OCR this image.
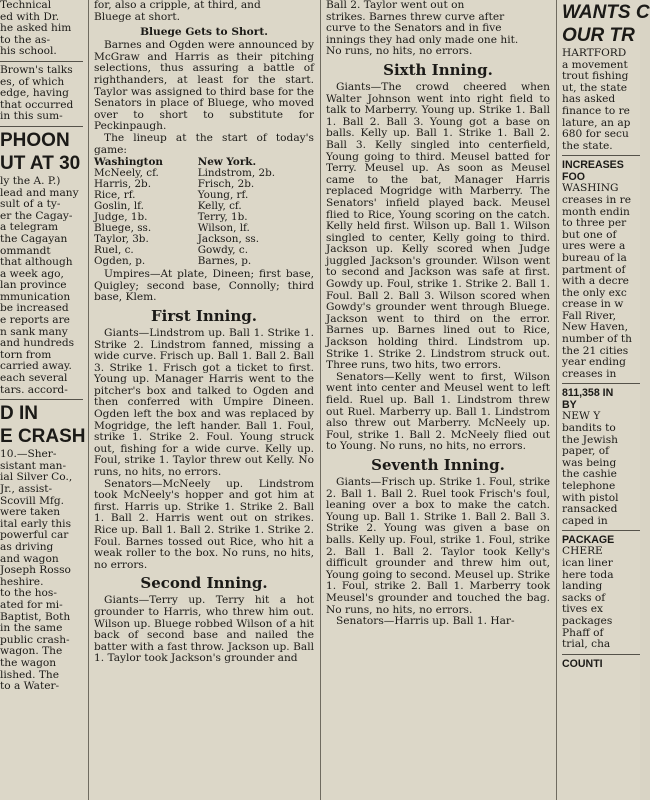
Technical
ed with Dr.
he asked him
to the as-
his school.
Brown's talks
es, of which
edge, having
that occurred
in this sum-
PHOON
UT AT 30
ly the A. P.)
lead and many
sult of a ty-
er the Cagay-
a telegram
the Cagayan
ommandt
that although
a week ago,
lan province
mmunication
be increased
e reports are
n sank many
and hundreds
torn from
carried away.
each several
tars. accord-
D IN
E CRASH
10.—Sher-
sistant man-
ial Silver Co.,
Jr., assist-
Scovill Mfg.
were taken
ital early this
powerful car
as driving
and wagon
Joseph Rosso
heshire.
to the hos-
ated for mi-
Baptist, Both
in the same
public crash-
wagon. The
the wagon
lished. The
to a Water-
for, also a cripple, at third, and
Bluege at short.
Bluege Gets to Short.

Barnes and Ogden were announced by McGraw and Harris as their pitching selections, thus assuring a battle of righthanders, at least for the start. Taylor was assigned to third base for the Senators in place of Bluege, who moved over to short to substitute for Peckinpaugh.

The lineup at the start of today's game:

Washington	New York.
McNeely, cf.	Lindstrom, 2b.
Harris, 2b.	Frisch, 2b.
Rice, rf.	Young, rf.
Goslin, lf.	Kelly, cf.
Judge, 1b.	Terry, 1b.
Bluege, ss.	Wilson, lf.
Taylor, 3b.	Jackson, ss.
Ruel, c.	Gowdy, c.
Ogden, p.	Barnes, p.

Umpires—At plate, Dineen; first base, Quigley; second base, Connolly; third base, Klem.

First Inning.

Giants—Lindstrom up. Ball 1. Strike 1. Strike 2. Lindstrom fanned, missing a wide curve. Frisch up. Ball 1. Ball 2. Ball 3. Strike 1. Frisch got a ticket to first. Young up. Manager Harris went to the pitcher's box and talked to Ogden and then conferred with Umpire Dineen. Ogden left the box and was replaced by Mogridge, the left hander. Ball 1. Foul, strike 1. Strike 2. Foul. Young struck out, fishing for a wide curve. Kelly up. Foul, strike 1. Taylor threw out Kelly. No runs, no hits, no errors.

Senators—McNeely up. Lindstrom took McNeely's hopper and got him at first. Harris up. Strike 1. Strike 2. Ball 1. Ball 2. Harris went out on strikes. Rice up. Ball 1. Ball 2. Strike 1. Strike 2. Foul. Barnes tossed out Rice, who hit a weak roller to the box. No runs, no hits, no errors.

Second Inning.

Giants—Terry up. Terry hit a hot grounder to Harris, who threw him out. Wilson up. Bluege robbed Wilson of a hit back of second base and nailed the batter with a fast throw. Jackson up. Ball 1. Taylor took Jackson's grounder and

Ball 2. Taylor went out on
strikes. Barnes threw curve after
curve to the Senators and in five
innings they had only made one hit.
No runs, no hits, no errors.
Sixth Inning.

Giants—The crowd cheered when Walter Johnson went into right field to talk to Marberry. Young up. Strike 1. Ball 1. Ball 2. Ball 3. Young got a base on balls. Kelly up. Ball 1. Strike 1. Ball 2. Ball 3. Kelly singled into centerfield, Young going to third. Meusel batted for Terry. Meusel up. As soon as Meusel came to the bat, Manager Harris replaced Mogridge with Marberry. The Senators' infield played back. Meusel flied to Rice, Young scoring on the catch. Kelly held first. Wilson up. Ball 1. Wilson singled to center, Kelly going to third. Jackson up. Kelly scored when Judge juggled Jackson's grounder. Wilson went to second and Jackson was safe at first. Gowdy up. Foul, strike 1. Strike 2. Ball 1. Foul. Ball 2. Ball 3. Wilson scored when Gowdy's grounder went through Bluege. Jackson went to third on the error. Barnes up. Barnes lined out to Rice, Jackson holding third. Lindstrom up. Strike 1. Strike 2. Lindstrom struck out. Three runs, two hits, two errors.

Senators—Kelly went to first, Wilson went into center and Meusel went to left field. Ruel up. Ball 1. Lindstrom threw out Ruel. Marberry up. Ball 1. Lindstrom also threw out Marberry. McNeely up. Foul, strike 1. Ball 2. McNeely flied out to Young. No runs, no hits, no errors.

Seventh Inning.

Giants—Frisch up. Strike 1. Foul, strike 2. Ball 1. Ball 2. Ruel took Frisch's foul, leaning over a box to make the catch. Young up. Ball 1. Strike 1. Ball 2. Ball 3. Strike 2. Young was given a base on balls. Kelly up. Foul, strike 1. Foul, strike 2. Ball 1. Ball 2. Taylor took Kelly's difficult grounder and threw him out, Young going to second. Meusel up. Strike 1. Foul, strike 2. Ball 1. Marberry took Meusel's grounder and touched the bag. No runs, no hits, no errors.

Senators—Harris up. Ball 1. Har-

WANTS C
OUR TR
HARTFORD
a movement
trout fishing
ut, the state
has asked
finance to re
lature, an ap
680 for secu
the state.
INCREASES
FOO
WASHING
creases in re
month endin
to three per
but one of
ures were a
bureau of la
partment of
with a decre
the only exc
crease in w
Fall River,
New Haven,
number of th
the 21 cities
year ending
creases in
811,358 IN
BY
NEW Y
bandits to
the Jewish
paper, of
was being
the cashie
telephone
with pistol
ransacked
caped in
PACKAGE
CHERE
ican liner
here toda
landing
sacks of
tives ex
packages
Phaff of
trial, cha
COUNTI
